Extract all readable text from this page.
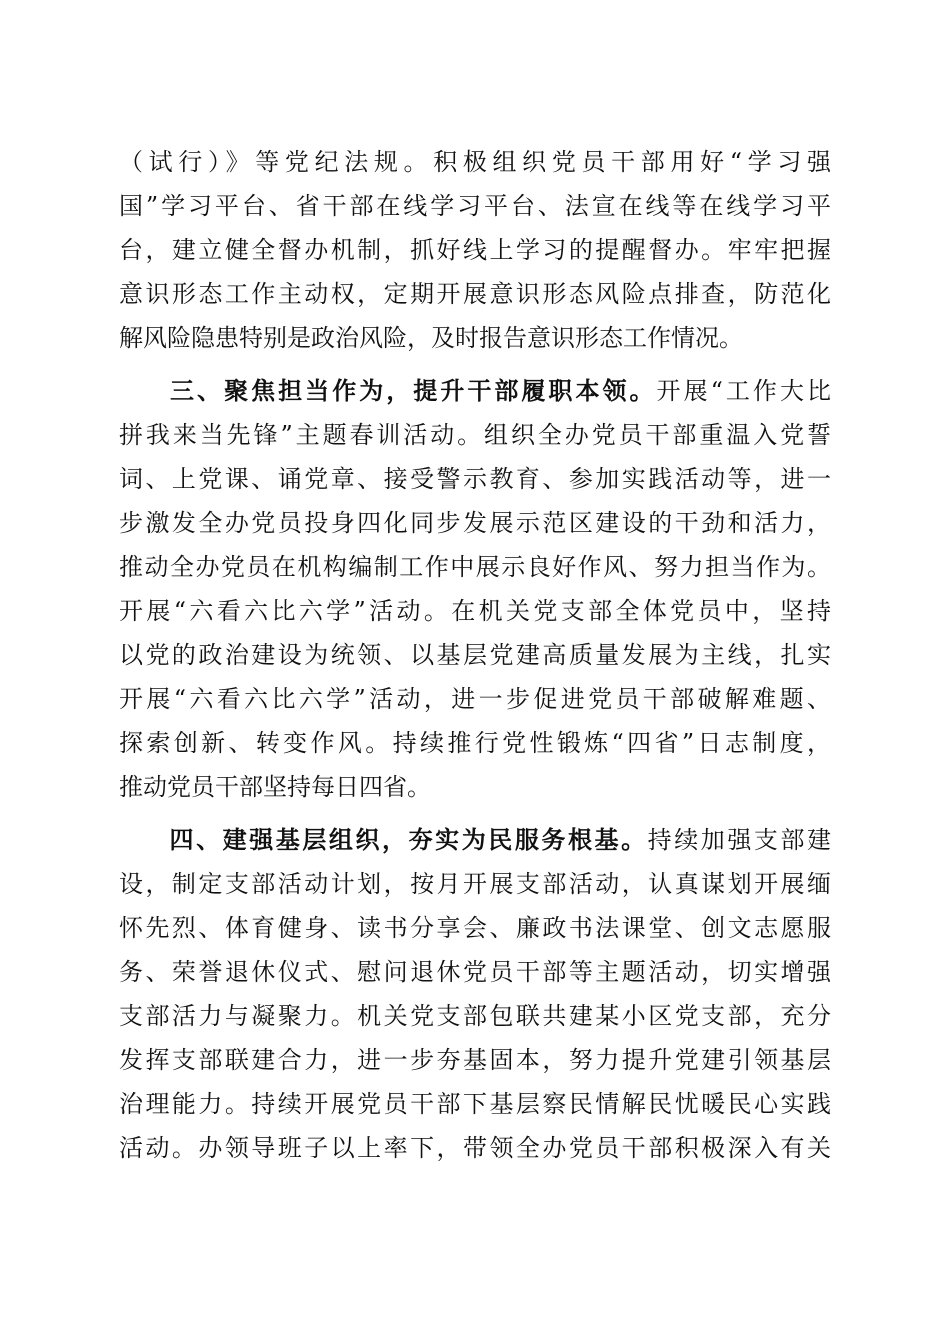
（试行）》等党纪法规。积极组织党员干部用好“学习强
国”学习平台、省干部在线学习平台、法宣在线等在线学习平
台，建立健全督办机制，抓好线上学习的提醒督办。牢牢把握
意识形态工作主动权，定期开展意识形态风险点排查，防范化
解风险隐患特别是政治风险，及时报告意识形态工作情况。
三、聚焦担当作为，提升干部履职本领。开展“工作大比
拼我来当先锋”主题春训活动。组织全办党员干部重温入党誓
词、上党课、诵党章、接受警示教育、参加实践活动等，进一
步激发全办党员投身四化同步发展示范区建设的干劲和活力，
推动全办党员在机构编制工作中展示良好作风、努力担当作为。
开展“六看六比六学”活动。在机关党支部全体党员中，坚持
以党的政治建设为统领、以基层党建高质量发展为主线，扎实
开展“六看六比六学”活动，进一步促进党员干部破解难题、
探索创新、转变作风。持续推行党性锻炼“四省”日志制度，
推动党员干部坚持每日四省。
四、建强基层组织，夯实为民服务根基。持续加强支部建
设，制定支部活动计划，按月开展支部活动，认真谋划开展缅
怀先烈、体育健身、读书分享会、廉政书法课堂、创文志愿服
务、荣誉退休仪式、慰问退休党员干部等主题活动，切实增强
支部活力与凝聚力。机关党支部包联共建某小区党支部，充分
发挥支部联建合力，进一步夯基固本，努力提升党建引领基层
治理能力。持续开展党员干部下基层察民情解民忧暖民心实践
活动。办领导班子以上率下，带领全办党员干部积极深入有关
